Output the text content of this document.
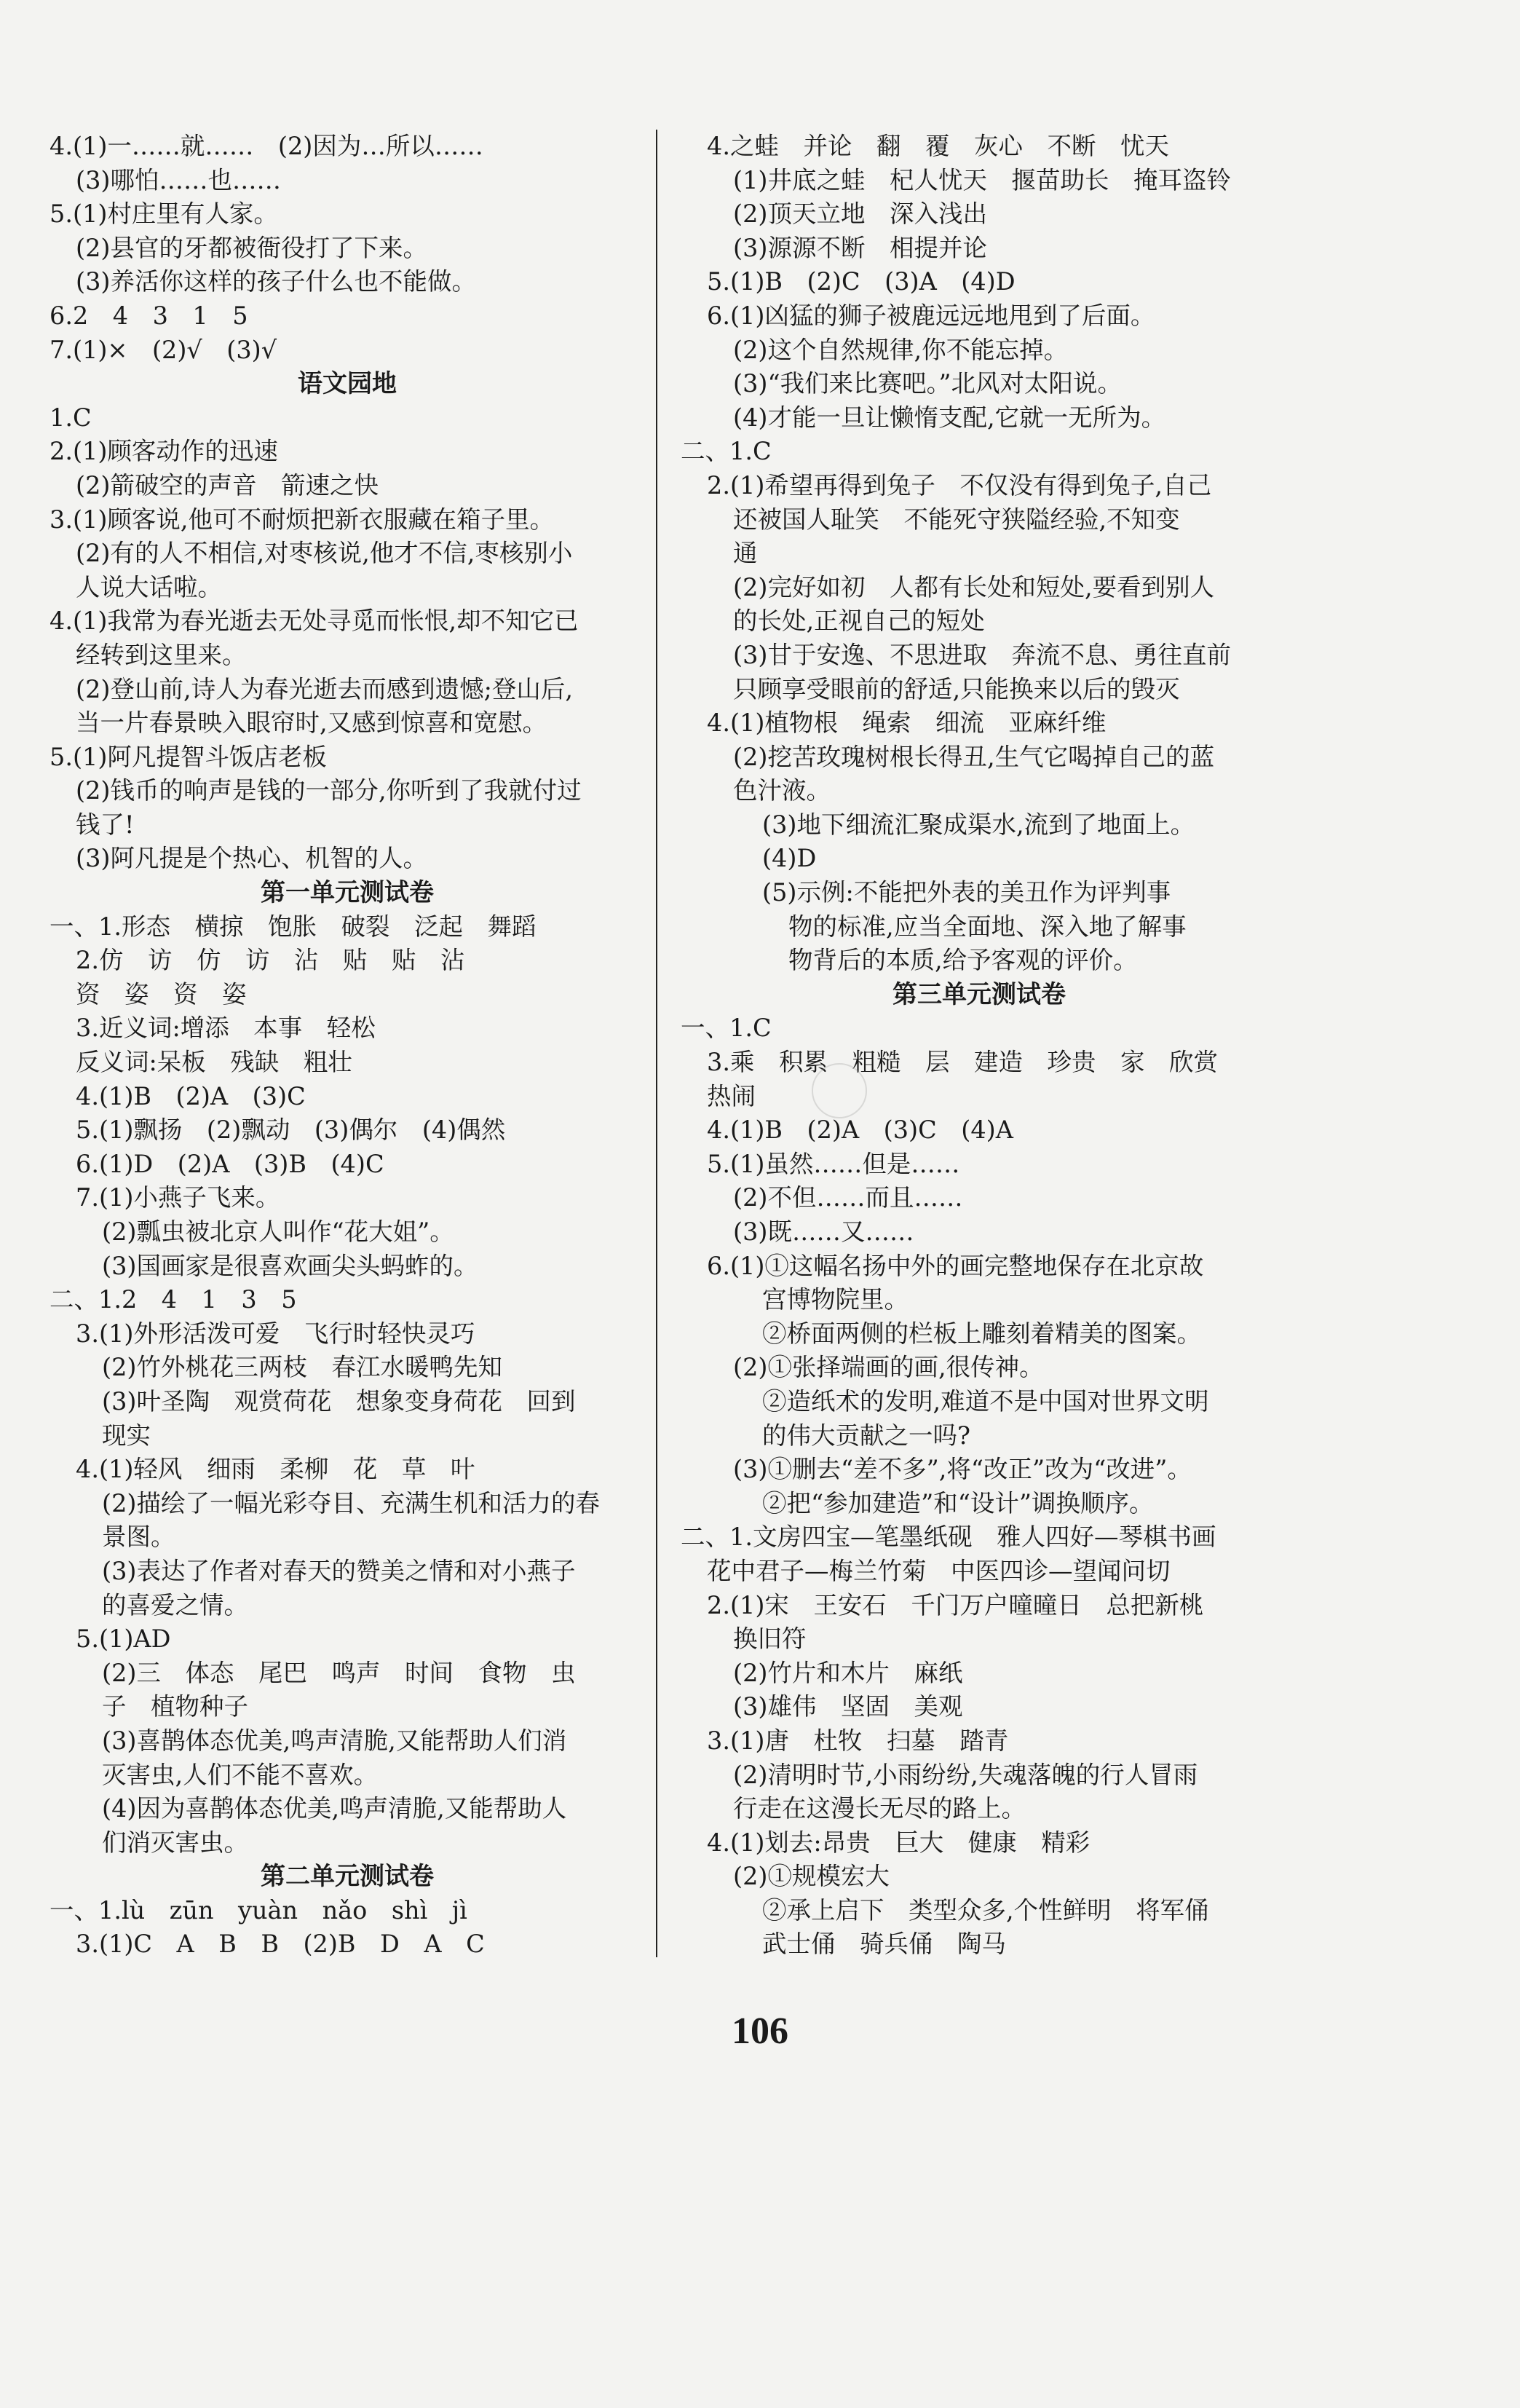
4.(1)一……就……　(2)因为…所以……
(3)哪怕……也……
5.(1)村庄里有人家。
(2)县官的牙都被衙役打了下来。
(3)养活你这样的孩子什么也不能做。
6.2　4　3　1　5
7.(1)×　(2)√　(3)√
语文园地
1.C
2.(1)顾客动作的迅速
(2)箭破空的声音　箭速之快
3.(1)顾客说,他可不耐烦把新衣服藏在箱子里。
(2)有的人不相信,对枣核说,他才不信,枣核别小
人说大话啦。
4.(1)我常为春光逝去无处寻觅而怅恨,却不知它已
经转到这里来。
(2)登山前,诗人为春光逝去而感到遗憾;登山后,
当一片春景映入眼帘时,又感到惊喜和宽慰。
5.(1)阿凡提智斗饭店老板
(2)钱币的响声是钱的一部分,你听到了我就付过
钱了!
(3)阿凡提是个热心、机智的人。
第一单元测试卷
一、1.形态　横掠　饱胀　破裂　泛起　舞蹈
2.仿　访　仿　访　沾　贴　贴　沾
资　姿　资　姿
3.近义词:增添　本事　轻松
反义词:呆板　残缺　粗壮
4.(1)B　(2)A　(3)C
5.(1)飘扬　(2)飘动　(3)偶尔　(4)偶然
6.(1)D　(2)A　(3)B　(4)C
7.(1)小燕子飞来。
(2)瓢虫被北京人叫作“花大姐”。
(3)国画家是很喜欢画尖头蚂蚱的。
二、1.2　4　1　3　5
3.(1)外形活泼可爱　飞行时轻快灵巧
(2)竹外桃花三两枝　春江水暖鸭先知
(3)叶圣陶　观赏荷花　想象变身荷花　回到
现实
4.(1)轻风　细雨　柔柳　花　草　叶
(2)描绘了一幅光彩夺目、充满生机和活力的春
景图。
(3)表达了作者对春天的赞美之情和对小燕子
的喜爱之情。
5.(1)AD
(2)三　体态　尾巴　鸣声　时间　食物　虫
子　植物种子
(3)喜鹊体态优美,鸣声清脆,又能帮助人们消
灭害虫,人们不能不喜欢。
(4)因为喜鹊体态优美,鸣声清脆,又能帮助人
们消灭害虫。
第二单元测试卷
一、1.lù　zūn　yuàn　nǎo　shì　jì
3.(1)C　A　B　B　(2)B　D　A　C
4.之蛙　并论　翻　覆　灰心　不断　忧天
(1)井底之蛙　杞人忧天　揠苗助长　掩耳盗铃
(2)顶天立地　深入浅出
(3)源源不断　相提并论
5.(1)B　(2)C　(3)A　(4)D
6.(1)凶猛的狮子被鹿远远地甩到了后面。
(2)这个自然规律,你不能忘掉。
(3)“我们来比赛吧。”北风对太阳说。
(4)才能一旦让懒惰支配,它就一无所为。
二、1.C
2.(1)希望再得到兔子　不仅没有得到兔子,自己
还被国人耻笑　不能死守狭隘经验,不知变
通
(2)完好如初　人都有长处和短处,要看到别人
的长处,正视自己的短处
(3)甘于安逸、不思进取　奔流不息、勇往直前
只顾享受眼前的舒适,只能换来以后的毁灭
4.(1)植物根　绳索　细流　亚麻纤维
(2)挖苦玫瑰树根长得丑,生气它喝掉自己的蓝
色汁液。
(3)地下细流汇聚成渠水,流到了地面上。
(4)D
(5)示例:不能把外表的美丑作为评判事
物的标准,应当全面地、深入地了解事
物背后的本质,给予客观的评价。
第三单元测试卷
一、1.C
3.乘　积累　粗糙　层　建造　珍贵　家　欣赏
热闹
4.(1)B　(2)A　(3)C　(4)A
5.(1)虽然……但是……
(2)不但……而且……
(3)既……又……
6.(1)①这幅名扬中外的画完整地保存在北京故
宫博物院里。
②桥面两侧的栏板上雕刻着精美的图案。
(2)①张择端画的画,很传神。
②造纸术的发明,难道不是中国对世界文明
的伟大贡献之一吗?
(3)①删去“差不多”,将“改正”改为“改进”。
②把“参加建造”和“设计”调换顺序。
二、1.文房四宝—笔墨纸砚　雅人四好—琴棋书画
花中君子—梅兰竹菊　中医四诊—望闻问切
2.(1)宋　王安石　千门万户曈曈日　总把新桃
换旧符
(2)竹片和木片　麻纸
(3)雄伟　坚固　美观
3.(1)唐　杜牧　扫墓　踏青
(2)清明时节,小雨纷纷,失魂落魄的行人冒雨
行走在这漫长无尽的路上。
4.(1)划去:昂贵　巨大　健康　精彩
(2)①规模宏大
②承上启下　类型众多,个性鲜明　将军俑
武士俑　骑兵俑　陶马
106
